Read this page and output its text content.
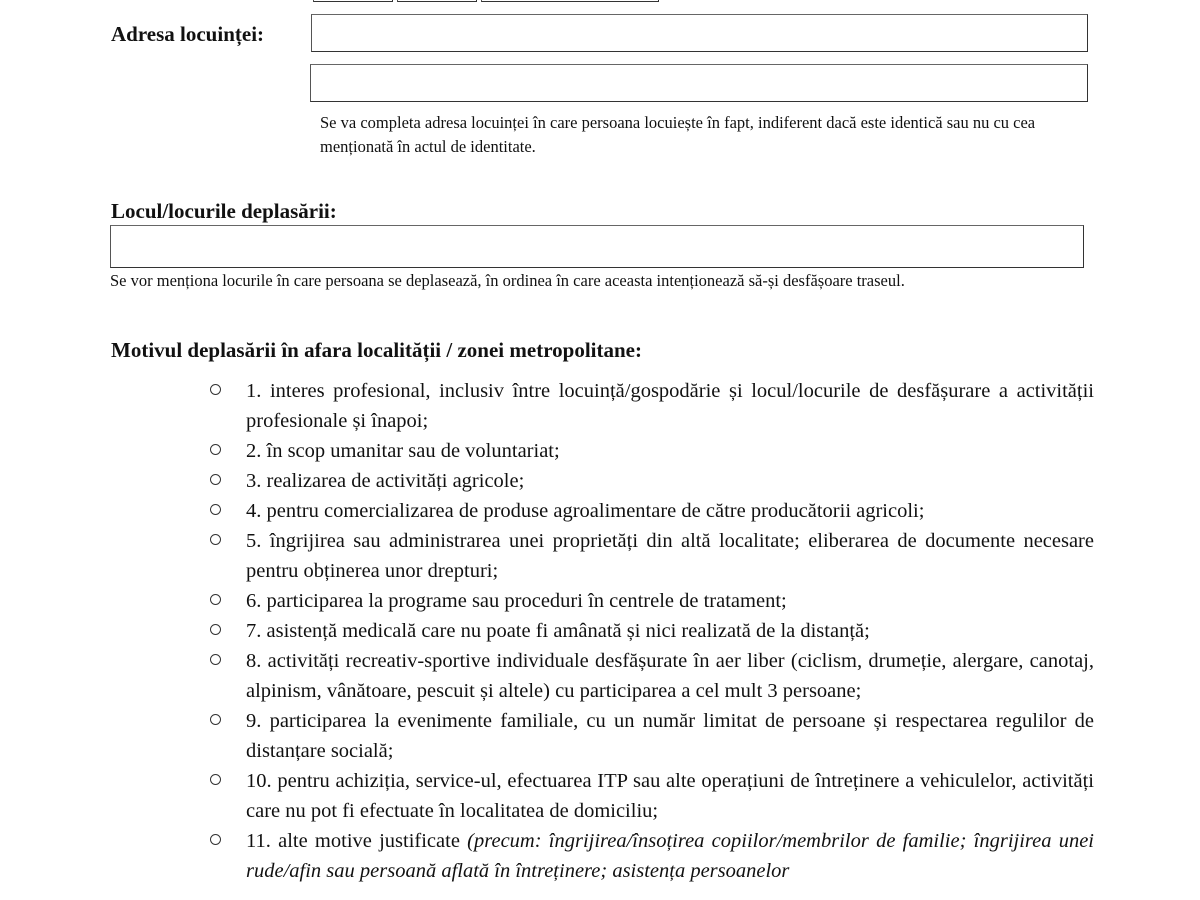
Adresa locuinței:
Se va completa adresa locuinței în care persoana locuiește în fapt, indiferent dacă este identică sau nu cu cea menționată în actul de identitate.
Locul/locurile deplasării:
Se vor menționa locurile în care persoana se deplasează, în ordinea în care aceasta intenționează să-și desfășoare traseul.
Motivul deplasării în afara localității / zonei metropolitane:
1. interes profesional, inclusiv între locuință/gospodărie și locul/locurile de desfășurare a activității profesionale și înapoi;
2. în scop umanitar sau de voluntariat;
3. realizarea de activități agricole;
4. pentru comercializarea de produse agroalimentare de către producătorii agricoli;
5. îngrijirea sau administrarea unei proprietăți din altă localitate; eliberarea de documente necesare pentru obținerea unor drepturi;
6. participarea la programe sau proceduri în centrele de tratament;
7. asistență medicală care nu poate fi amânată și nici realizată de la distanță;
8. activități recreativ-sportive individuale desfășurate în aer liber (ciclism, drumeție, alergare, canotaj, alpinism, vânătoare, pescuit și altele) cu participarea a cel mult 3 persoane;
9. participarea la evenimente familiale, cu un număr limitat de persoane și respectarea regulilor de distanțare socială;
10. pentru achiziția, service-ul, efectuarea ITP sau alte operațiuni de întreținere a vehiculelor, activități care nu pot fi efectuate în localitatea de domiciliu;
11. alte motive justificate (precum: îngrijirea/însoțirea copiilor/membrilor de familie; îngrijirea unei rude/afin sau persoană aflată în întreținere; asistența persoanelor
